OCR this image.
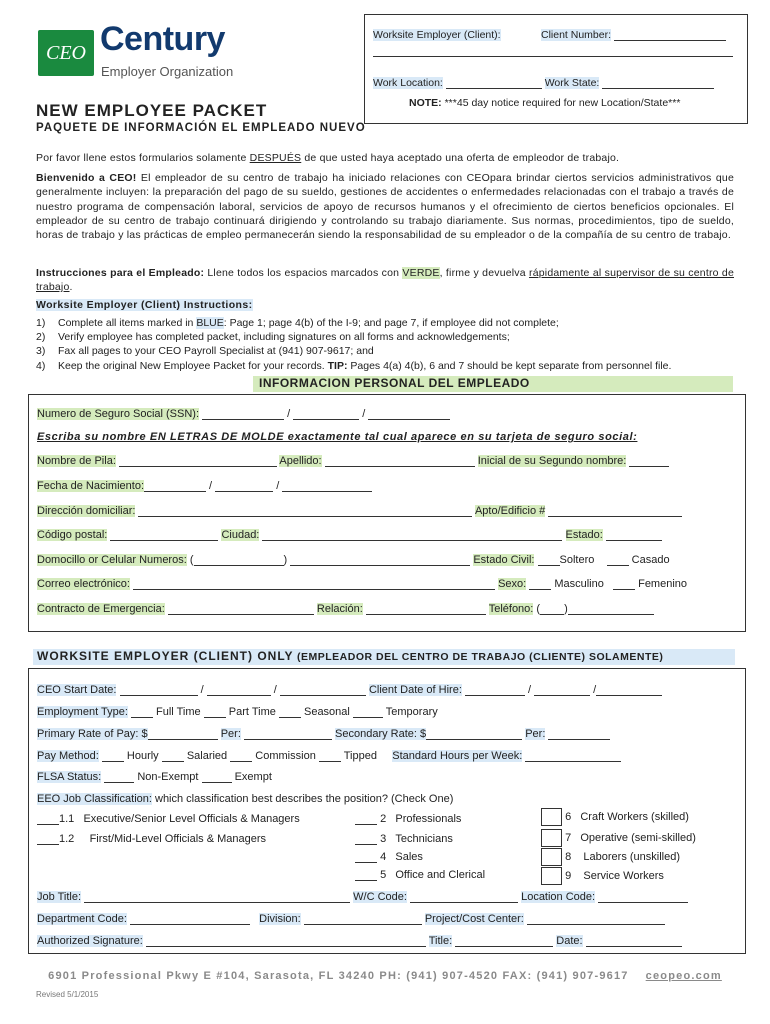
CEO Century
Employer Organization
Worksite Employer (Client):	Client Number:
Work Location:	Work State:
NOTE: ***45 day notice required for new Location/State***
NEW EMPLOYEE PACKET
PAQUETE DE INFORMACIÓN EL EMPLEADO NUEVO
Por favor llene estos formularios solamente DESPUÉS de que usted haya aceptado una oferta de empleodor de trabajo.
Bienvenido a CEO! El empleador de su centro de trabajo ha iniciado relaciones con CEOpara brindar ciertos servicios administrativos que generalmente incluyen: la preparación del pago de su sueldo, gestiones de accidentes o enfermedades relacionadas con el trabajo a través de nuestro programa de compensación laboral, servicios de apoyo de recursos humanos y el ofrecimiento de ciertos beneficios opcionales. El empleador de su centro de trabajo continuará dirigiendo y controlando su trabajo diariamente. Sus normas, procedimientos, tipo de sueldo, horas de trabajo y las prácticas de empleo permanecerán siendo la responsabilidad de su empleador o de la compañía de su centro de trabajo.
Instrucciones para el Empleado: Llene todos los espacios marcados con VERDE, firme y devuelva rápidamente al supervisor de su centro de trabajo.
Worksite Employer (Client) Instructions:
1) Complete all items marked in BLUE: Page 1; page 4(b) of the I-9; and page 7, if employee did not complete;
2) Verify employee has completed packet, including signatures on all forms and acknowledgements;
3) Fax all pages to your CEO Payroll Specialist at (941) 907-9617; and
4) Keep the original New Employee Packet for your records. TIP: Pages 4(a) 4(b), 6 and 7 should be kept separate from personnel file.
INFORMACION PERSONAL DEL EMPLEADO
Numero de Seguro Social (SSN):	/	/
Escriba su nombre EN LETRAS DE MOLDE exactamente tal cual aparece en su tarjeta de seguro social:
Nombre de Pila:	Apellido:	Inicial de su Segundo nombre:
Fecha de Nacimiento:	/	/
Dirección domiciliar:	Apto/Edificio #
Código postal:	Ciudad:	Estado:
Domocillo or Celular Numeros: (	)	Estado Civil: Soltero	Casado
Correo electrónico:	Sexo:	Masculino	Femenino
Contracto de Emergencia:	Relación:	Teléfono: ( )
WORKSITE EMPLOYER (CLIENT) ONLY (EMPLEADOR DEL CENTRO DE TRABAJO (CLIENTE) SOLAMENTE)
CEO Start Date:	/	/	Client Date of Hire:	/	/
Employment Type:	Full Time	Part Time	Seasonal	Temporary
Primary Rate of Pay: $	Per:	Secondary Rate: $	Per:
Pay Method:	Hourly	Salaried	Commission	Tipped Standard Hours per Week:
FLSA Status:	Non-Exempt	Exempt
EEO Job Classification: which classification best describes the position? (Check One)
1.1 Executive/Senior Level Officials & Managers
1.2 First/Mid-Level Officials & Managers
2 Professionals
3 Technicians
4 Sales
5 Office and Clerical
6 Craft Workers (skilled)
7 Operative (semi-skilled)
8 Laborers (unskilled)
9 Service Workers
Job Title:	W/C Code:	Location Code:
Department Code:	Division:	Project/Cost Center:
Authorized Signature:	Title:	Date:
6901 Professional Pkwy E #104, Sarasota, FL 34240 PH: (941) 907-4520 FAX: (941) 907-9617 ceopeo.com
Revised 5/1/2015
